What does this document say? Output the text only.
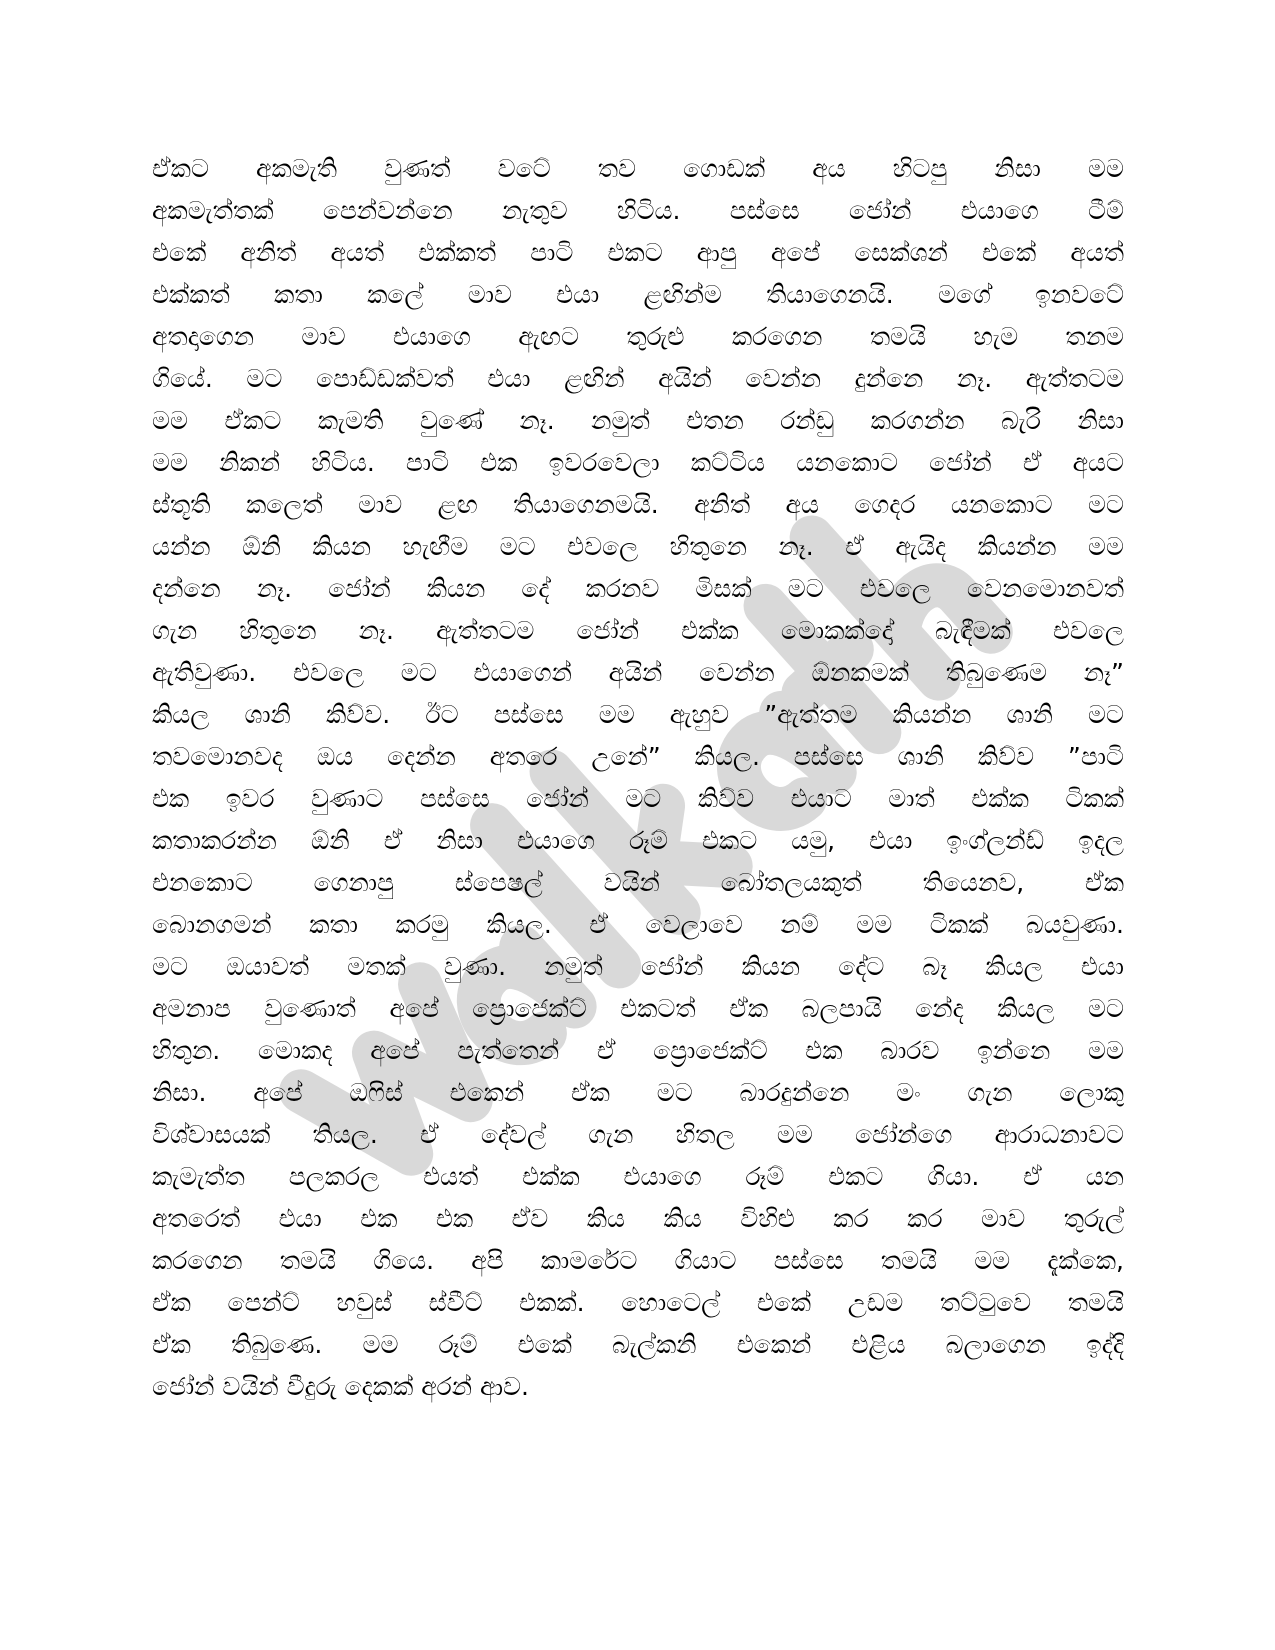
ඒකට අකමැති වුණත් වටේ තව ගොඩක් අය හිටපු නිසා මම
අකමැත්තක් පෙන්වන්නෙ නැතුව හිටිය. පස්සෙ ජෝන් එයාගෙ ටීම්
එකේ අනිත් අයත් එක්කත් පාටි එකට ආපු අපේ සෙක්ශන් එකේ අයත්
එක්කත් කතා කලේ මාව එයා ළඟින්ම තියාගෙනයි. මගේ ඉනවටේ
අතදාගෙන මාව එයාගෙ ඇඟට තුරුළු කරගෙන තමයි හැම තනම
ගියේ. මට පොඩ්ඩක්වත් එයා ළඟින් අයින් වෙන්න දුන්නෙ නෑ. ඇත්තටම
මම ඒකට කැමති වුණේ නෑ. නමුත් එතන රන්ඩු කරගන්න බැරි නිසා
මම නිකන් හිටිය. පාටි එක ඉවරවෙලා කට්ටිය යනකොට ජෝන් ඒ අයට
ස්තූති කලෙත් මාව ළඟ තියාගෙනමයි. අනිත් අය ගෙදර යනකොට මට
යන්න ඕනි කියන හැඟීම මට එවලෙ හිතුනෙ නෑ. ඒ ඇයිද කියන්න මම
දන්නෙ නෑ. ජෝන් කියන දේ කරනව මිසක් මට එවලෙ වෙනමොනවත්
ගැන හිතුනෙ නෑ. ඇත්තටම ජෝන් එක්ක මොකක්දෝ බැඳීමක් එවලෙ
ඇතිවුණා. එවලෙ මට එයාගෙන් අයින් වෙන්න ඕනකමක් තිබුණෙම නෑ”
කියල ශානි කිව්ව. ඊට පස්සෙ මම ඇහුව ”ඇත්තම කියන්න ශානි මට
තවමොනවද ඔය දෙන්න අතරෙ උනේ” කියල. පස්සෙ ශානි කිව්ව ”පාටි
එක ඉවර වුණාට පස්සෙ ජෝන් මට කිව්ව එයාට මාත් එක්ක ටිකක්
කතාකරන්න ඕනි ඒ නිසා එයාගෙ රූම් එකට යමු, එයා ඉංග්ලන්ඩ් ඉදල
එනකොට ගෙනාපු ස්පෙෂල් වයින් බෝතලයකුත් තියෙනව, ඒක
බොනගමන් කතා කරමු කියල. ඒ වෙලාවෙ නම් මම ටිකක් බයවුණා.
මට ඔයාවත් මතක් වුණා. නමුත් ජෝන් කියන දේට බෑ කියල එයා
අමනාප වුණොත් අපේ ප්‍රොජෙක්ට් එකටත් ඒක බලපායි නේද කියල මට
හිතුන. මොකද අපේ පැත්තෙන් ඒ ප්‍රොජෙක්ට් එක බාරව ඉන්නෙ මම
නිසා. අපේ ඔෆිස් එකෙන් ඒක මට බාරදුන්නෙ මං ගැන ලොකු
විශ්වාසයක් තියල. ඒ දේවල් ගැන හිතල මම ජෝන්ගෙ ආරාධනාවට
කැමැත්ත පලකරල එයත් එක්ක එයාගෙ රූම් එකට ගියා. ඒ යන
අතරෙත් එයා එක එක ඒව කිය කිය විහිළු කර කර මාව තුරුල්
කරගෙන තමයි ගියෙ. අපි කාමරේට ගියාට පස්සෙ තමයි මම දැක්කෙ,
ඒක පෙන්ට් හවුස් ස්වීට් එකක්. හොටෙල් එකේ උඩම තට්ටුවෙ තමයි
ඒක තිබුණෙ. මම රූම් එකේ බැල්කනි එකෙන් එළිය බලාගෙන ඉද්දි
ජෝන් වයින් වීදුරු දෙකක් අරන් ආව.
